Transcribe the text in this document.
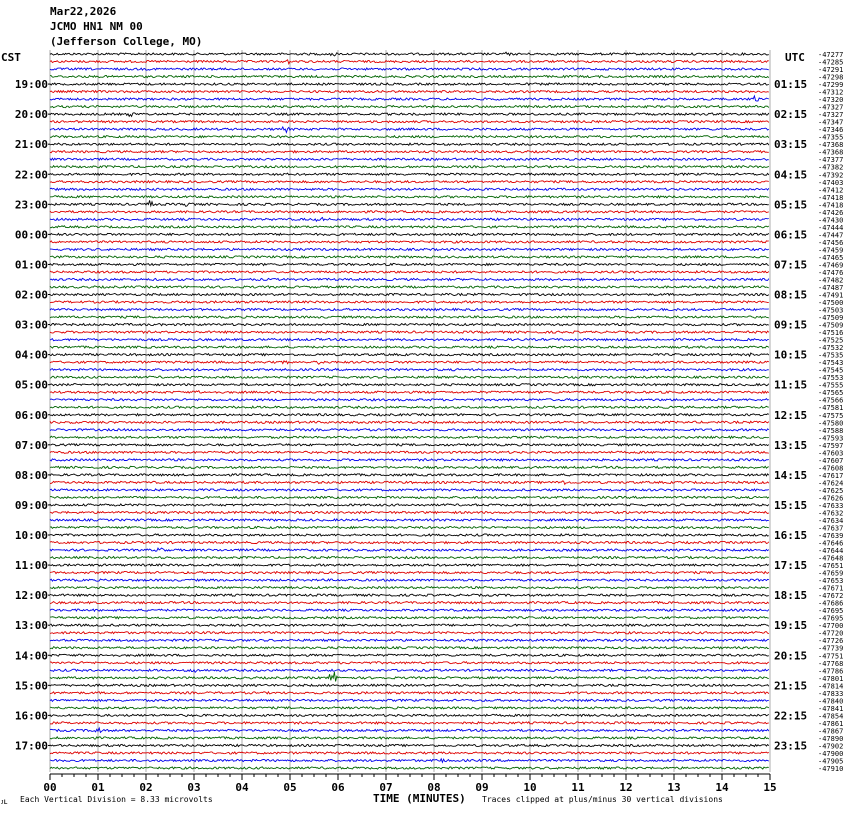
Mar22,2026
JCMO HN1 NM 00
(Jefferson College, MO)
CST	UTC -47277
-47285
-47291
-47298
-47299
-47312
-47320
-47327
-47327
-47347
-47346
-47355
-47368
-47368
-47377
-47382
-47392
-47403
-47412
-47418
-47418
-47426
-47430
-47444
-47447
-47456
-47459
-47465
-47469
-47476
-47482
-47487
-47491
-47500
-47503
-47509
-47509
-47516
-47525
-47532
-47535
-47543
-47545
-47553
-47555
-47565
-47566
-47581
-47575
-47580
-47588
-47593
-47597
-47603
-47607
-47608
-47617
-47624
-47625
-47626
-47633
-47632
-47634
-47637
-47639
-47646
-47644
-47648
-47651
-47659
-47653
-47671
-47672
-47686
-47695
-47695
-47700
-47720
-47726
-47739
-47751
-47768
-47786
-47801
-47814
-47833
-47840
-47841
-47854
-47861
-47867
-47890
-47902
-47900
-47905
-47910
19:00
20:00
21:00
22:00
23:00
00:00
01:00
02:00
03:00
04:00
05:00
06:00
07:00
08:00
09:00
10:00
11:00
12:00
13:00
14:00
15:00
16:00
17:00
01:15
02:15
03:15
04:15
05:15
06:15
07:15
08:15
09:15
10:15
11:15
12:15
13:15
14:15
15:15
16:15
17:15
18:15
19:15
20:15
21:15
22:15
23:15
00	01	02	03	04	05	06	07	08	09	10	11	12	13	14	15
ᴊʟ Each Vertical Division = 8.33 microvolts	TIME (MINUTES) Traces clipped at plus/minus 30 vertical divisions
